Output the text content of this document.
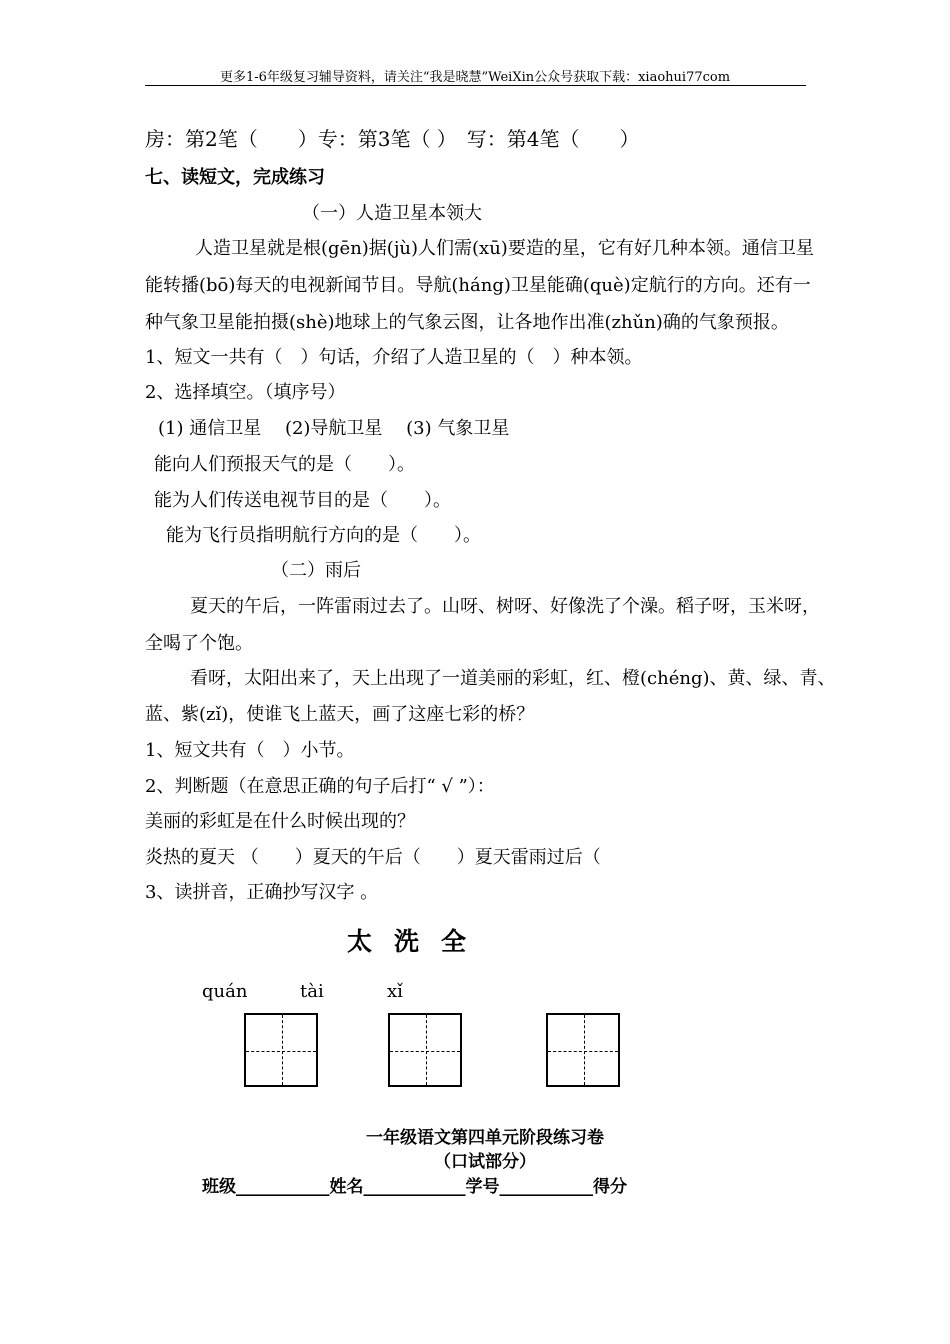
更多1-6年级复习辅导资料，请关注“我是晓慧”WeiXin公众号获取下载：xiaohui77com
房：第2笔（　　）专：第3笔（ ）　写：第4笔（　　）
七、读短文，完成练习
（一）人造卫星本领大
人造卫星就是根(gēn)据(jù)人们需(xū)要造的星，它有好几种本领。通信卫星
能转播(bō)每天的电视新闻节目。导航(háng)卫星能确(què)定航行的方向。还有一
种气象卫星能拍摄(shè)地球上的气象云图，让各地作出准(zhǔn)确的气象预报。
1、短文一共有（　）句话，介绍了人造卫星的（　）种本领。
2、选择填空。（填序号）
(1) 通信卫星　 (2)导航卫星　 (3) 气象卫星
能向人们预报天气的是（　　）。
能为人们传送电视节目的是（　　）。
能为飞行员指明航行方向的是（　　）。
（二）雨后
夏天的午后，一阵雷雨过去了。山呀、树呀、好像洗了个澡。稻子呀，玉米呀，
全喝了个饱。
看呀，太阳出来了，天上出现了一道美丽的彩虹，红、橙(chéng)、黄、绿、青、
蓝、紫(zǐ)，使谁飞上蓝天，画了这座七彩的桥？
1、短文共有（　）小节。
2、判断题（在意思正确的句子后打“ √ ”）：
美丽的彩虹是在什么时候出现的？
炎热的夏天 （　　）夏天的午后（　　）夏天雷雨过后（
3、读拼音，正确抄写汉字 。
太洗全
quán	tài	xǐ
一年级语文第四单元阶段练习卷
（口试部分）
班级___________姓名____________学号___________得分
